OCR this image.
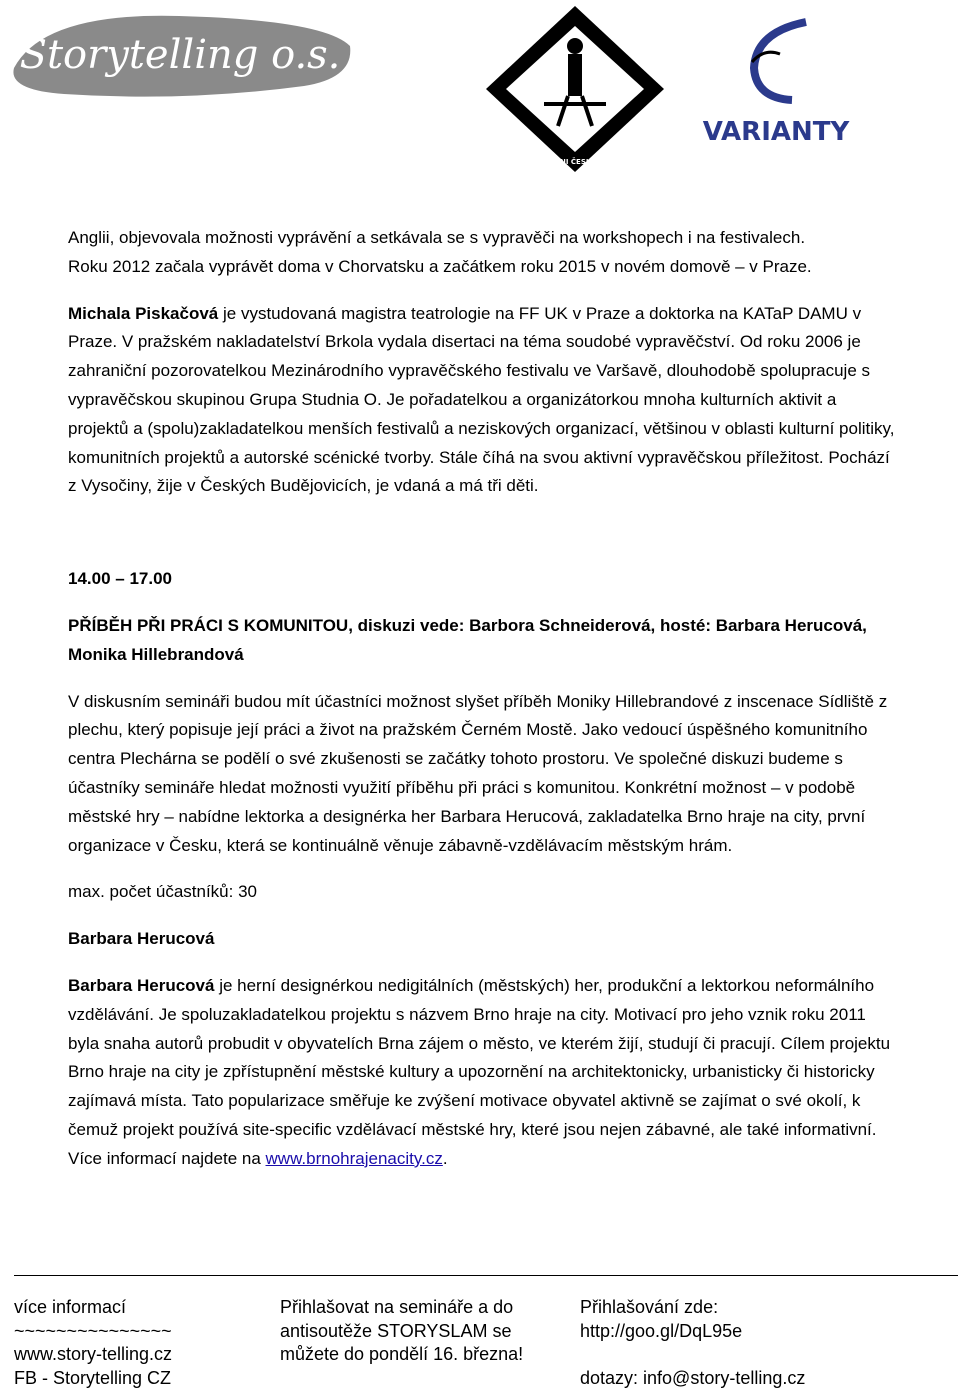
Storytelling o.s.
ČLOVĚK V TÍSNI ČESKÁ REPUBLIKA
VARIANTY

Anglii, objevovala možnosti vyprávění a setkávala se s vypravěči na workshopech i na festivalech.

Roku 2012 začala vyprávět doma v Chorvatsku a začátkem roku 2015 v novém domově – v Praze.

Michala Piskačová je vystudovaná magistra teatrologie na FF UK v Praze a doktorka na KATaP DAMU v Praze. V pražském nakladatelství Brkola vydala disertaci na téma soudobé vypravěčství. Od roku 2006 je zahraniční pozorovatelkou Mezinárodního vypravěčského festivalu ve Varšavě, dlouhodobě spolupracuje s vypravěčskou skupinou Grupa Studnia O. Je pořadatelkou a organizátorkou mnoha kulturních aktivit a projektů a (spolu)zakladatelkou menších festivalů a neziskových organizací, většinou v oblasti kulturní politiky, komunitních projektů a autorské scénické tvorby. Stále číhá na svou aktivní vypravěčskou příležitost. Pochází z Vysočiny, žije v Českých Budějovicích, je vdaná a má tři děti.

14.00 – 17.00

PŘÍBĚH PŘI PRÁCI S KOMUNITOU, diskuzi vede: Barbora Schneiderová, hosté: Barbara Herucová, Monika Hillebrandová

V diskusním semináři budou mít účastníci možnost slyšet příběh Moniky Hillebrandové z inscenace Sídliště z plechu, který popisuje její práci a život na pražském Černém Mostě. Jako vedoucí úspěšného komunitního centra Plechárna se podělí o své zkušenosti se začátky tohoto prostoru. Ve společné diskuzi budeme s účastníky semináře hledat možnosti využití příběhu při práci s komunitou. Konkrétní možnost – v podobě městské hry – nabídne lektorka a designérka her Barbara Herucová, zakladatelka Brno hraje na city, první organizace v Česku, která se kontinuálně věnuje zábavně-vzdělávacím městským hrám.

max. počet účastníků: 30

Barbara Herucová

Barbara Herucová je herní designérkou nedigitálních (městských) her, produkční a lektorkou neformálního vzdělávání. Je spoluzakladatelkou projektu s názvem Brno hraje na city. Motivací pro jeho vznik roku 2011 byla snaha autorů probudit v obyvatelích Brna zájem o město, ve kterém žijí, studují či pracují. Cílem projektu Brno hraje na city je zpřístupnění městské kultury a upozornění na architektonicky, urbanisticky či historicky zajímavá místa. Tato popularizace směřuje ke zvýšení motivace obyvatel aktivně se zajímat o své okolí, k čemuž projekt používá site-specific vzdělávací městské hry, které jsou nejen zábavné, ale také informativní. Více informací najdete na www.brnohrajenacity.cz.

více informací
~~~~~~~~~~~~~~~
www.story-telling.cz
FB - Storytelling CZ
Přihlašovat na semináře a do
antisoutěže STORYSLAM se
můžete do pondělí 16. března!
Přihlašování zde:
http://goo.gl/DqL95e

dotazy: info@story-telling.cz
